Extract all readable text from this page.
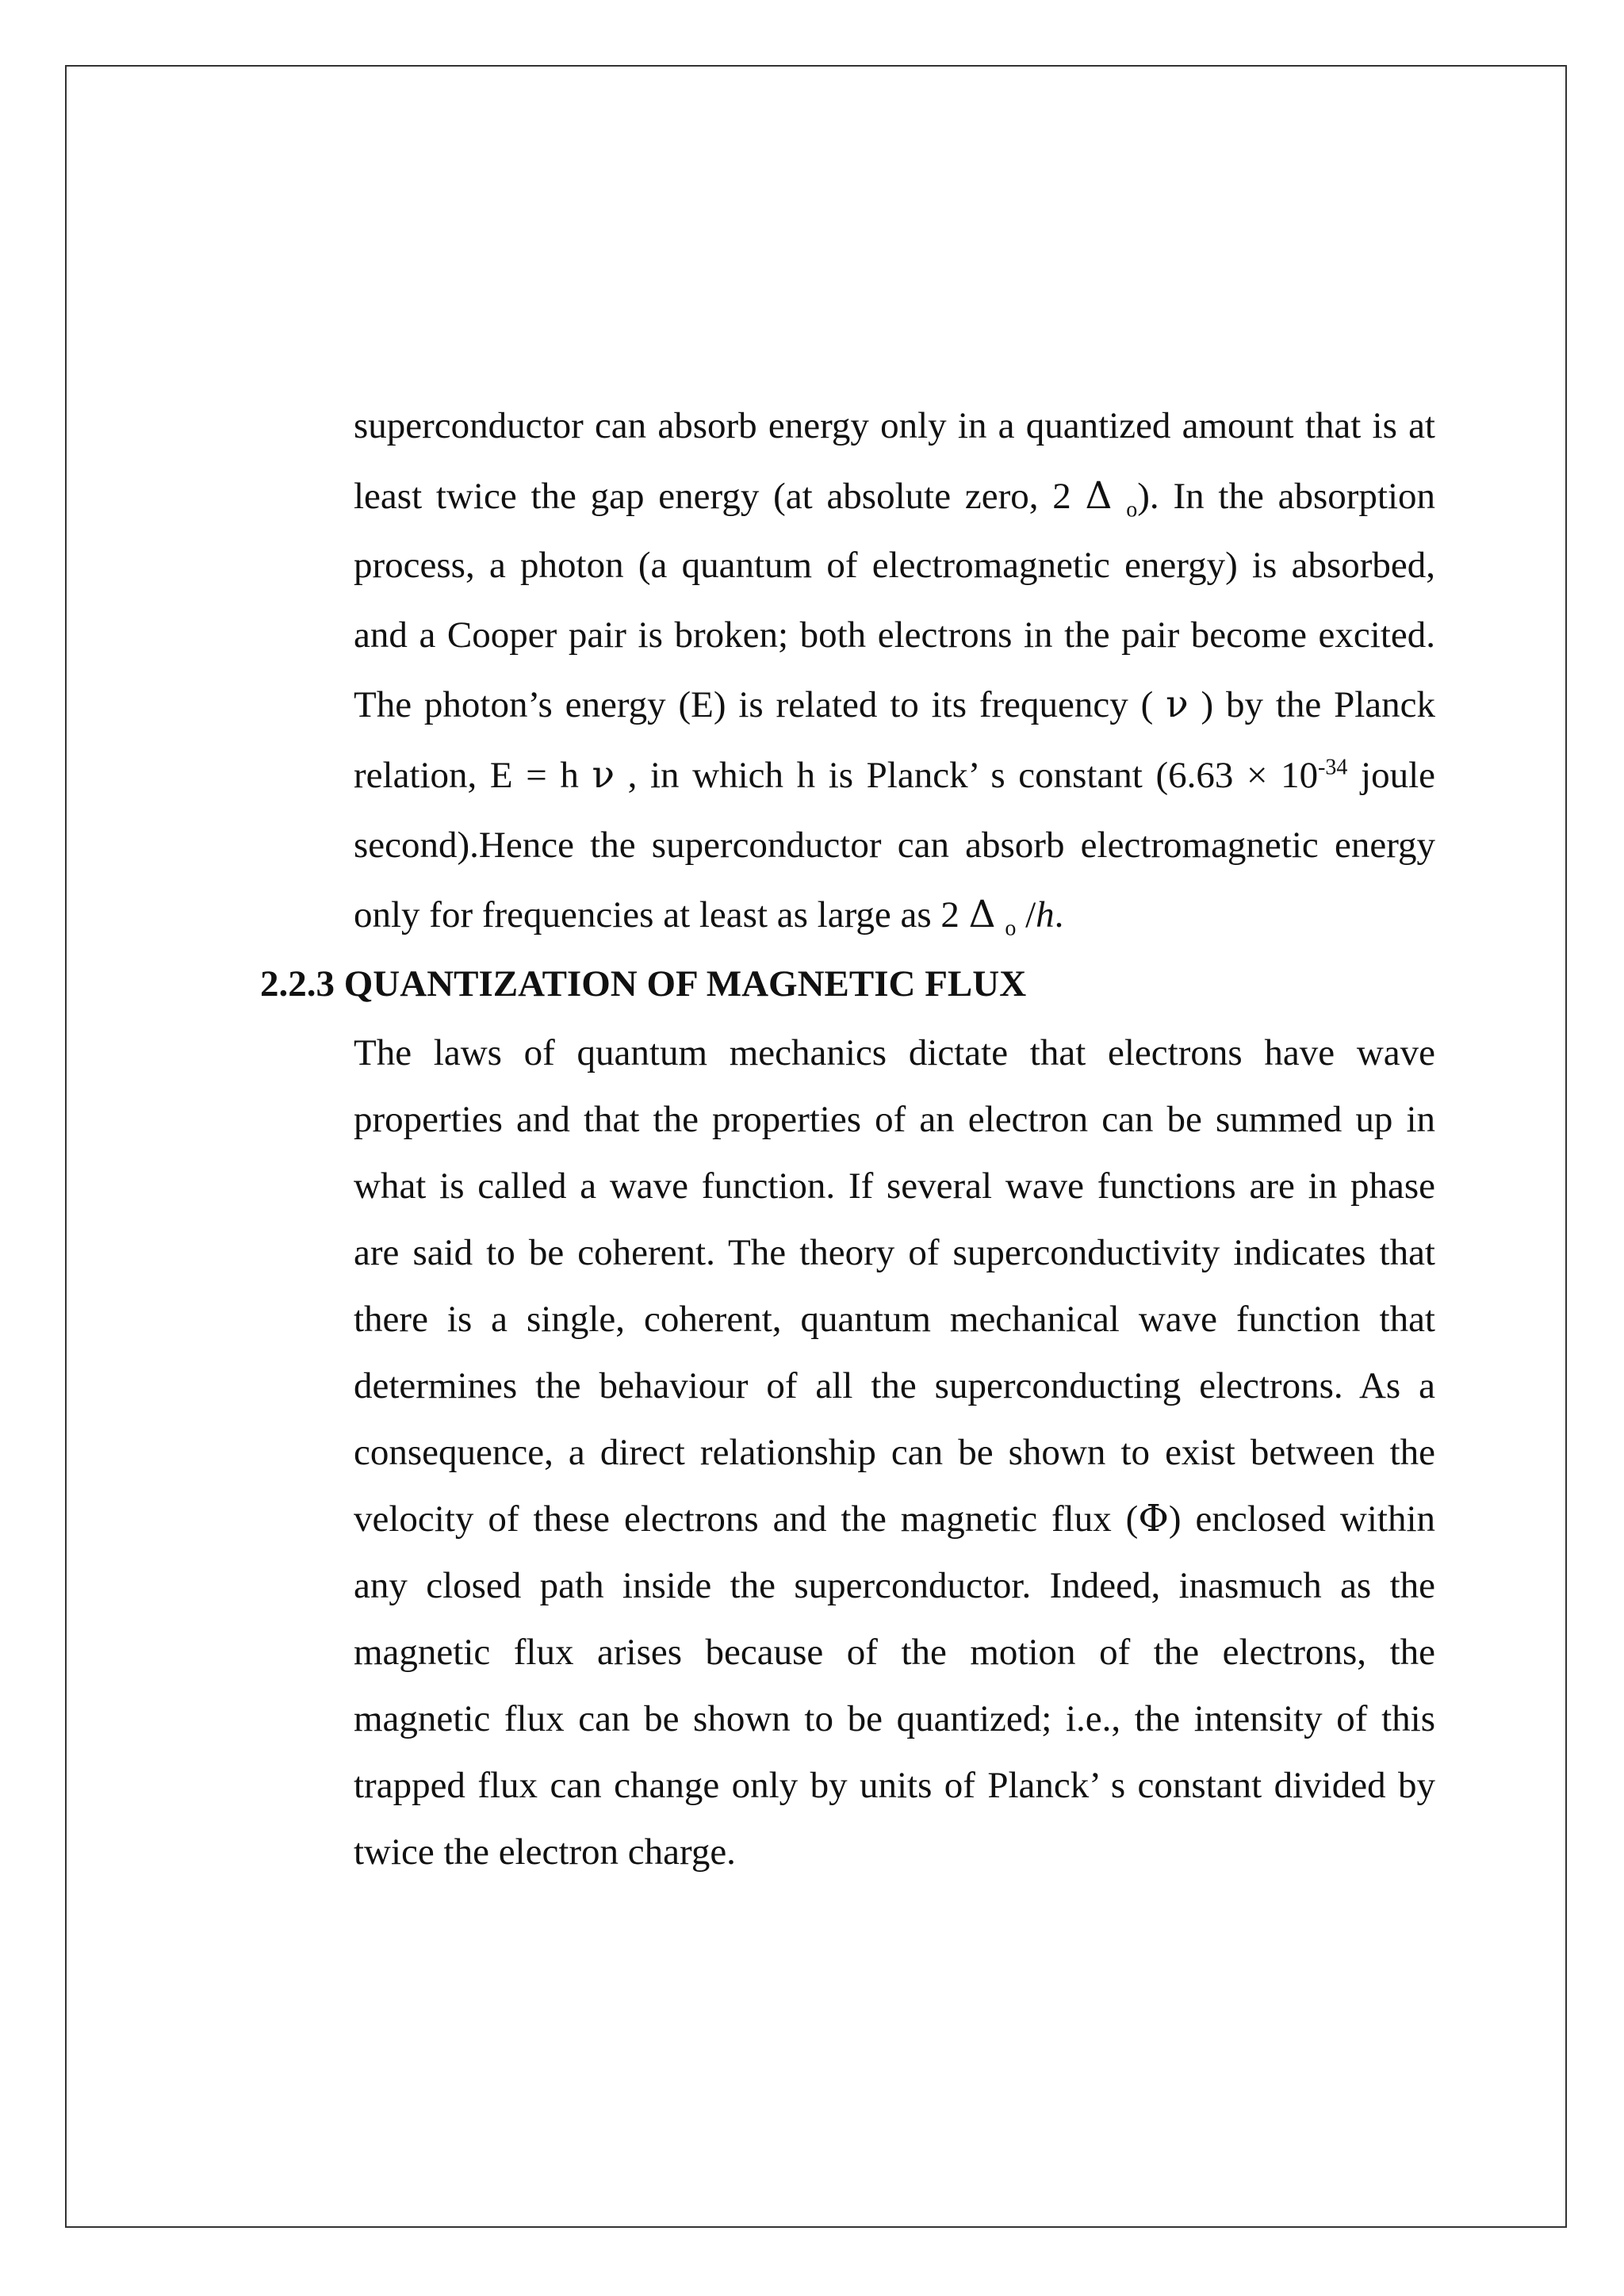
superconductor can absorb energy only in a quantized amount that is at least twice the gap energy (at absolute zero, 2 Δ $_o$). In the absorption process, a photon (a quantum of electromagnetic energy) is absorbed, and a Cooper pair is broken; both electrons in the pair become excited. The photon’s energy (E) is related to its frequency ( ν ) by the Planck relation, E = h ν , in which h is Planck’ s constant ($6.63 \times 10^{-34}$ joule second).Hence the superconductor can absorb electromagnetic energy only for frequencies at least as large as 2 Δ $_o$ /h.

2.2.3 QUANTIZATION OF MAGNETIC FLUX

The laws of quantum mechanics dictate that electrons have wave properties and that the properties of an electron can be summed up in what is called a wave function. If several wave functions are in phase are said to be coherent. The theory of superconductivity indicates that there is a single, coherent, quantum mechanical wave function that determines the behaviour of all the superconducting electrons. As a consequence, a direct relationship can be shown to exist between the velocity of these electrons and the magnetic flux (Φ) enclosed within any closed path inside the superconductor. Indeed, inasmuch as the magnetic flux arises because of the motion of the electrons, the magnetic flux can be shown to be quantized; i.e., the intensity of this trapped flux can change only by units of Planck’ s constant divided by twice the electron charge.
